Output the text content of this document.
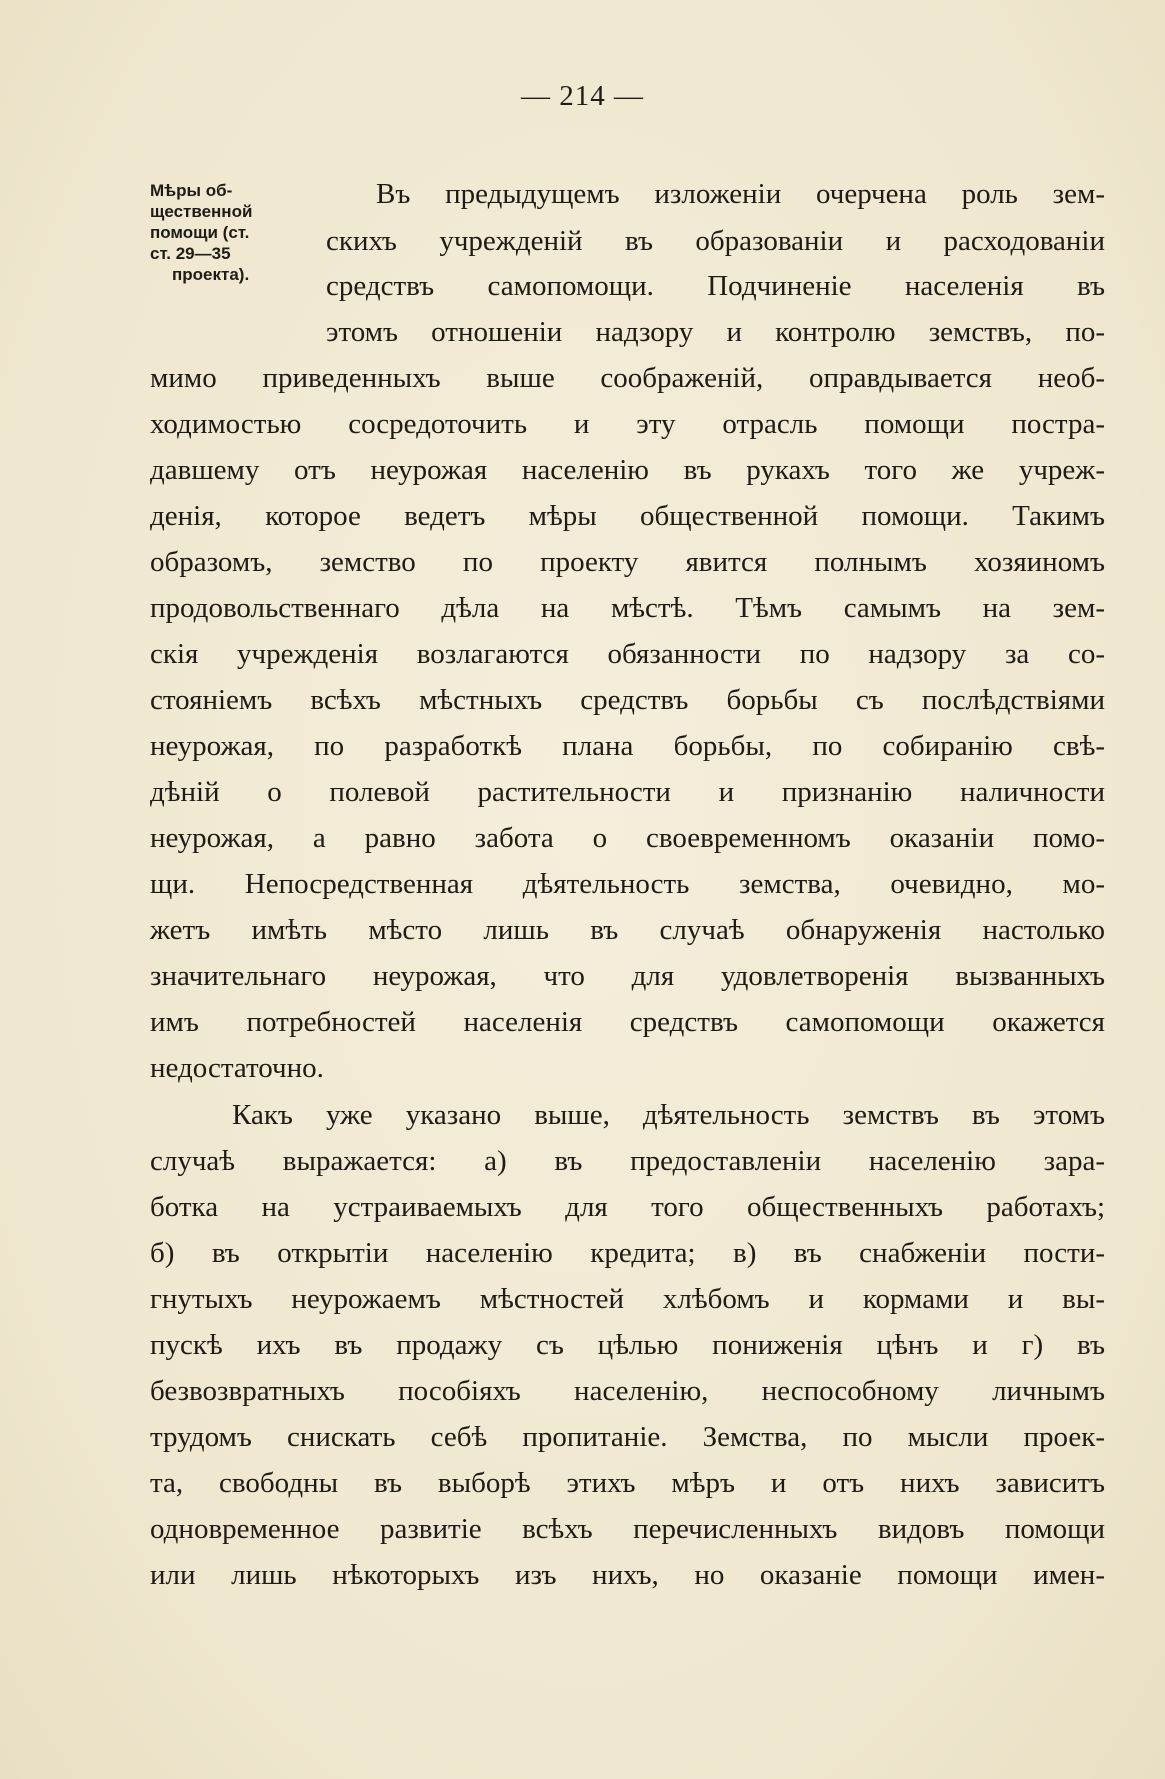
— 214 —
Мѣры об-
щественной
помощи (ст.
ст. 29—35
проекта).
Въ предыдущемъ изложеніи очерчена роль зем-
скихъ учрежденій въ образованіи и расходованіи
средствъ самопомощи. Подчиненіе населенія въ
этомъ отношеніи надзору и контролю земствъ, по-
мимо приведенныхъ выше соображеній, оправдывается необ-
ходимостью сосредоточить и эту отрасль помощи постра-
давшему отъ неурожая населенію въ рукахъ того же учреж-
денія, которое ведетъ мѣры общественной помощи. Такимъ
образомъ, земство по проекту явится полнымъ хозяиномъ
продовольственнаго дѣла на мѣстѣ. Тѣмъ самымъ на зем-
скія учрежденія возлагаются обязанности по надзору за со-
стояніемъ всѣхъ мѣстныхъ средствъ борьбы съ послѣдствіями
неурожая, по разработкѣ плана борьбы, по собиранію свѣ-
дѣній о полевой растительности и признанію наличности
неурожая, а равно забота о своевременномъ оказаніи помо-
щи. Непосредственная дѣятельность земства, очевидно, мо-
жетъ имѣть мѣсто лишь въ случаѣ обнаруженія настолько
значительнаго неурожая, что для удовлетворенія вызванныхъ
имъ потребностей населенія средствъ самопомощи окажется
недостаточно.
Какъ уже указано выше, дѣятельность земствъ въ этомъ
случаѣ выражается: а) въ предоставленіи населенію зара-
ботка на устраиваемыхъ для того общественныхъ работахъ;
б) въ открытіи населенію кредита; в) въ снабженіи пости-
гнутыхъ неурожаемъ мѣстностей хлѣбомъ и кормами и вы-
пускѣ ихъ въ продажу съ цѣлью пониженія цѣнъ и г) въ
безвозвратныхъ пособіяхъ населенію, неспособному личнымъ
трудомъ снискать себѣ пропитаніе. Земства, по мысли проек-
та, свободны въ выборѣ этихъ мѣръ и отъ нихъ зависитъ
одновременное развитіе всѣхъ перечисленныхъ видовъ помощи
или лишь нѣкоторыхъ изъ нихъ, но оказаніе помощи имен-
